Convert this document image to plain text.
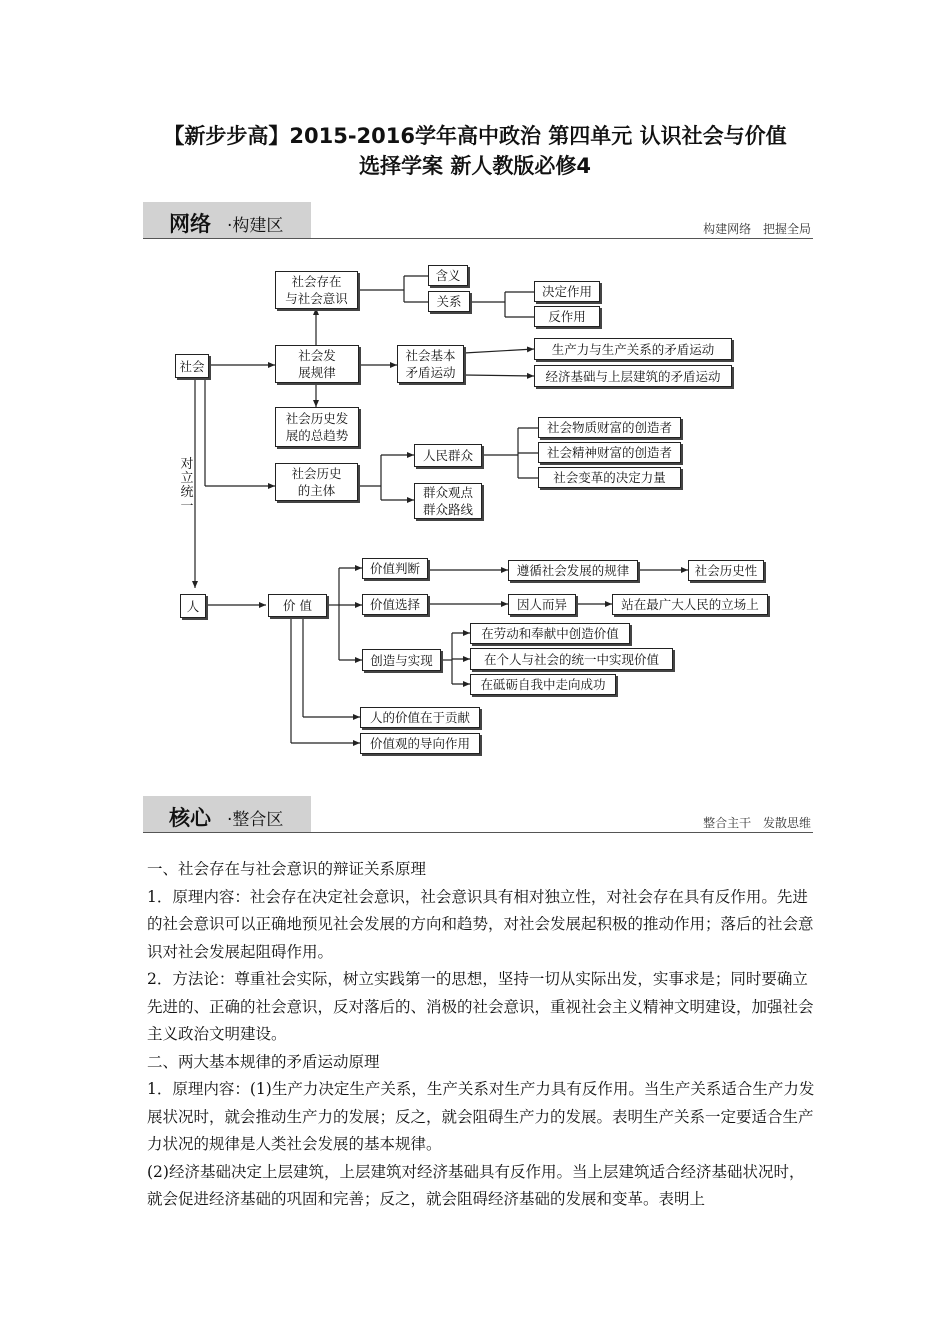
【新步步高】2015-2016学年高中政治 第四单元 认识社会与价值
选择学案 新人教版必修4
网络 ·构建区	构建网络 把握全局
社会
对
立
统
一
人
社会存在
与社会意识
含义
关系
决定作用
反作用
社会发
展规律
社会基本
矛盾运动
生产力与生产关系的矛盾运动
经济基础与上层建筑的矛盾运动
社会历史发
展的总趋势
社会历史
的主体
人民群众
群众观点
群众路线
社会物质财富的创造者
社会精神财富的创造者
社会变革的决定力量
价 值
价值判断
价值选择
创造与实现
遵循社会发展的规律	社会历史性
因人而异	站在最广大人民的立场上
在劳动和奉献中创造价值
在个人与社会的统一中实现价值
在砥砺自我中走向成功
人的价值在于贡献
价值观的导向作用
核心 ·整合区	整合主干 发散思维

一、社会存在与社会意识的辩证关系原理

1．原理内容：社会存在决定社会意识，社会意识具有相对独立性，对社会存在具有反作用。先进的社会意识可以正确地预见社会发展的方向和趋势，对社会发展起积极的推动作用；落后的社会意识对社会发展起阻碍作用。

2．方法论：尊重社会实际，树立实践第一的思想，坚持一切从实际出发，实事求是；同时要确立先进的、正确的社会意识，反对落后的、消极的社会意识，重视社会主义精神文明建设，加强社会主义政治文明建设。

二、两大基本规律的矛盾运动原理

1．原理内容：(1)生产力决定生产关系，生产关系对生产力具有反作用。当生产关系适合生产力发展状况时，就会推动生产力的发展；反之，就会阻碍生产力的发展。表明生产关系一定要适合生产力状况的规律是人类社会发展的基本规律。

(2)经济基础决定上层建筑，上层建筑对经济基础具有反作用。当上层建筑适合经济基础状况时，就会促进经济基础的巩固和完善；反之，就会阻碍经济基础的发展和变革。表明上
